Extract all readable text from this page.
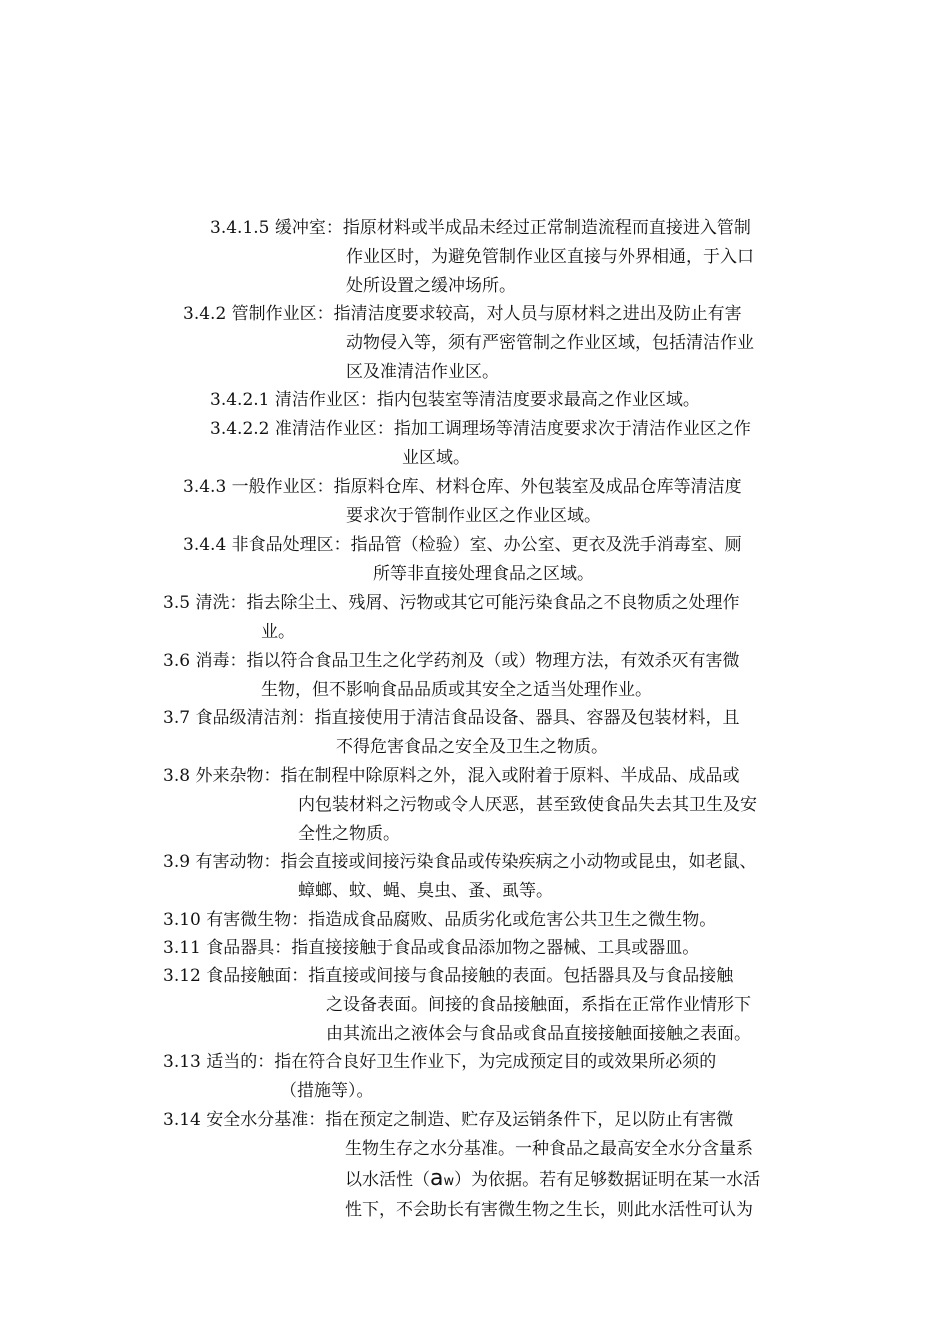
3.4.1.5 缓冲室：指原材料或半成品未经过正常制造流程而直接进入管制
作业区时，为避免管制作业区直接与外界相通，于入口
处所设置之缓冲场所。
3.4.2 管制作业区：指清洁度要求较高，对人员与原材料之进出及防止有害
动物侵入等，须有严密管制之作业区域，包括清洁作业
区及准清洁作业区。
3.4.2.1 清洁作业区：指内包装室等清洁度要求最高之作业区域。
3.4.2.2 准清洁作业区：指加工调理场等清洁度要求次于清洁作业区之作
业区域。
3.4.3 一般作业区：指原料仓库、材料仓库、外包装室及成品仓库等清洁度
要求次于管制作业区之作业区域。
3.4.4 非食品处理区：指品管（检验）室、办公室、更衣及洗手消毒室、厕
所等非直接处理食品之区域。
3.5 清洗：指去除尘土、残屑、污物或其它可能污染食品之不良物质之处理作
业。
3.6 消毒：指以符合食品卫生之化学药剂及（或）物理方法，有效杀灭有害微
生物，但不影响食品品质或其安全之适当处理作业。
3.7 食品级清洁剂：指直接使用于清洁食品设备、器具、容器及包装材料，且
不得危害食品之安全及卫生之物质。
3.8 外来杂物：指在制程中除原料之外，混入或附着于原料、半成品、成品或
内包装材料之污物或令人厌恶，甚至致使食品失去其卫生及安
全性之物质。
3.9 有害动物：指会直接或间接污染食品或传染疾病之小动物或昆虫，如老鼠、
蟑螂、蚊、蝇、臭虫、蚤、虱等。
3.10 有害微生物：指造成食品腐败、品质劣化或危害公共卫生之微生物。
3.11 食品器具：指直接接触于食品或食品添加物之器械、工具或器皿。
3.12 食品接触面：指直接或间接与食品接触的表面。包括器具及与食品接触
之设备表面。间接的食品接触面，系指在正常作业情形下
由其流出之液体会与食品或食品直接接触面接触之表面。
3.13 适当的：指在符合良好卫生作业下，为完成预定目的或效果所必须的
（措施等）。
3.14 安全水分基准：指在预定之制造、贮存及运销条件下，足以防止有害微
生物生存之水分基准。一种食品之最高安全水分含量系
以水活性（aw）为依据。若有足够数据证明在某一水活
性下，不会助长有害微生物之生长，则此水活性可认为
